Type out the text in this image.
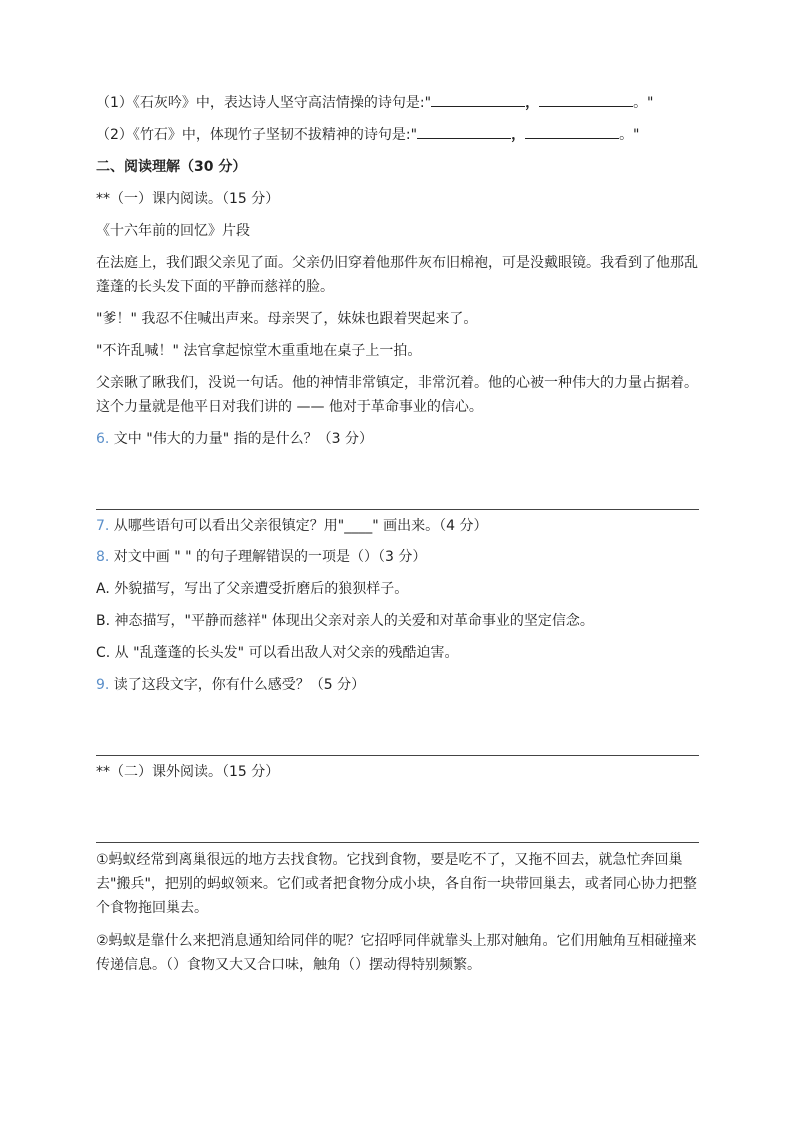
（1）《石灰吟》中，表达诗人坚守高洁情操的诗句是:"	，	。"
（2）《竹石》中，体现竹子坚韧不拔精神的诗句是:"	，	。"
二、阅读理解（30 分）
**（一）课内阅读。（15 分）
《十六年前的回忆》片段
在法庭上，我们跟父亲见了面。父亲仍旧穿着他那件灰布旧棉袍，可是没戴眼镜。我看到了他那乱蓬蓬的长头发下面的平静而慈祥的脸。
"爹！" 我忍不住喊出声来。母亲哭了，妹妹也跟着哭起来了。
"不许乱喊！" 法官拿起惊堂木重重地在桌子上一拍。
父亲瞅了瞅我们，没说一句话。他的神情非常镇定，非常沉着。他的心被一种伟大的力量占据着。这个力量就是他平日对我们讲的 —— 他对于革命事业的信心。
6. 文中 "伟大的力量" 指的是什么？（3 分）
7. 从哪些语句可以看出父亲很镇定？用"____" 画出来。（4 分）
8. 对文中画 " " 的句子理解错误的一项是（）（3 分）
A. 外貌描写，写出了父亲遭受折磨后的狼狈样子。
B. 神态描写，"平静而慈祥" 体现出父亲对亲人的关爱和对革命事业的坚定信念。
C. 从 "乱蓬蓬的长头发" 可以看出敌人对父亲的残酷迫害。
9. 读了这段文字，你有什么感受？（5 分）
**（二）课外阅读。（15 分）
①蚂蚁经常到离巢很远的地方去找食物。它找到食物，要是吃不了，又拖不回去，就急忙奔回巢去"搬兵"，把别的蚂蚁领来。它们或者把食物分成小块，各自衔一块带回巢去，或者同心协力把整个食物拖回巢去。
②蚂蚁是靠什么来把消息通知给同伴的呢？它招呼同伴就靠头上那对触角。它们用触角互相碰撞来传递信息。（）食物又大又合口味，触角（）摆动得特别频繁。
